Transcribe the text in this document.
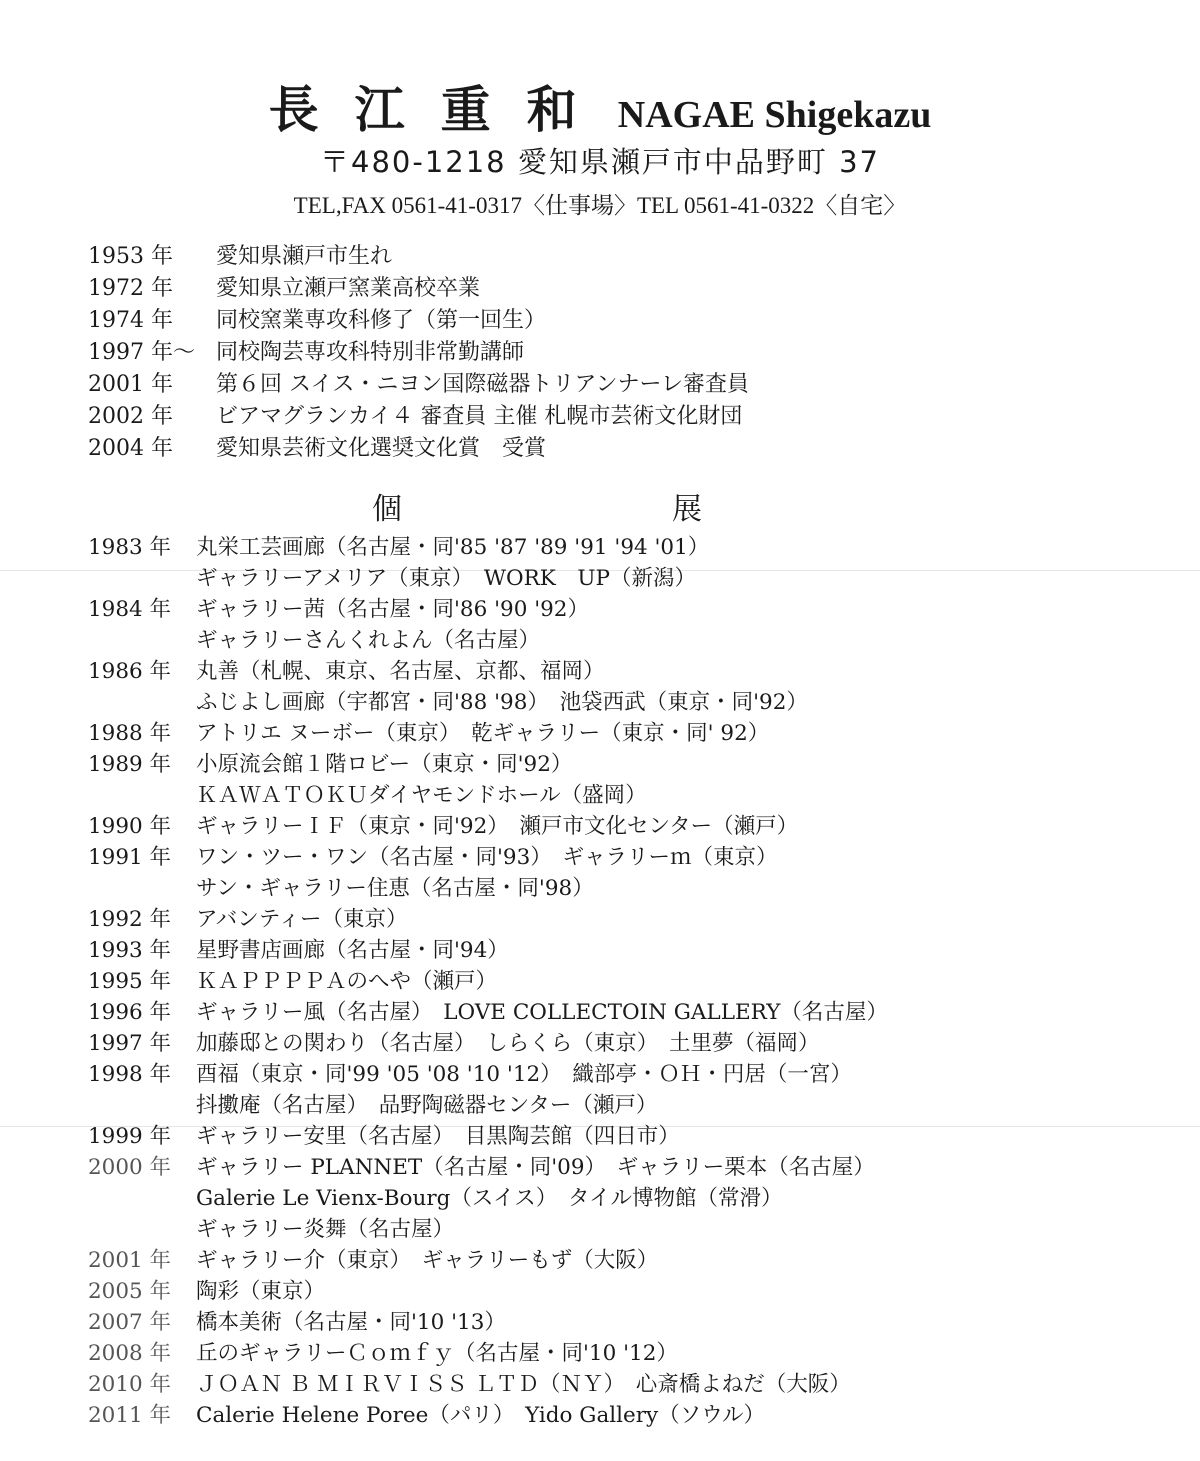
長江重和 NAGAE Shigekazu
〒480-1218 愛知県瀬戸市中品野町 37
TEL,FAX 0561-41-0317〈仕事場〉TEL 0561-41-0322〈自宅〉
1953 年	愛知県瀬戸市生れ
1972 年	愛知県立瀬戸窯業高校卒業
1974 年	同校窯業専攻科修了（第一回生）
1997 年～ 同校陶芸専攻科特別非常勤講師
2001 年	第６回 スイス・ニヨン国際磁器トリアンナーレ審査員
2002 年	ビアマグランカイ４ 審査員 主催 札幌市芸術文化財団
2004 年	愛知県芸術文化選奨文化賞　受賞
個	展
1983 年	丸栄工芸画廊（名古屋・同'85 '87 '89 '91 '94 '01）
ギャラリーアメリア（東京）　WORK　UP（新潟）
1984 年	ギャラリー茜（名古屋・同'86 '90 '92）
ギャラリーさんくれよん（名古屋）
1986 年	丸善（札幌、東京、名古屋、京都、福岡）
ふじよし画廊（宇都宮・同'88 '98）　池袋西武（東京・同'92）
1988 年	アトリエ ヌーボー（東京）　乾ギャラリー（東京・同' 92）
1989 年	小原流会館１階ロビー（東京・同'92）
ＫＡＷＡＴＯＫＵダイヤモンドホール（盛岡）
1990 年	ギャラリーＩＦ（東京・同'92）　瀬戸市文化センター（瀬戸）
1991 年	ワン・ツー・ワン（名古屋・同'93）　ギャラリーｍ（東京）
サン・ギャラリー住恵（名古屋・同'98）
1992 年	アバンティー（東京）
1993 年	星野書店画廊（名古屋・同'94）
1995 年	ＫＡＰＰＰＰＡのへや（瀬戸）
1996 年	ギャラリー風（名古屋）　LOVE COLLECTOIN GALLERY（名古屋）
1997 年	加藤邸との関わり（名古屋）　しらくら（東京）　土里夢（福岡）
1998 年	酉福（東京・同'99 '05 '08 '10 '12）　織部亭・ＯＨ・円居（一宮）
抖擻庵（名古屋）　品野陶磁器センター（瀬戸）
1999 年	ギャラリー安里（名古屋）　目黒陶芸館（四日市）
2000 年	ギャラリー PLANNET（名古屋・同'09）　ギャラリー栗本（名古屋）
Galerie Le Vienx-Bourg（スイス）　タイル博物館（常滑）
ギャラリー炎舞（名古屋）
2001 年	ギャラリー介（東京）　ギャラリーもず（大阪）
2005 年	陶彩（東京）
2007 年	橋本美術（名古屋・同'10 '13）
2008 年	丘のギャラリーＣｏｍｆｙ（名古屋・同'10 '12）
2010 年	ＪＯＡＮ Ｂ ＭＩＲＶＩＳＳ ＬＴＤ（ＮＹ）　心斎橋よねだ（大阪）
2011 年	Calerie Helene Poree（パリ）　Yido Gallery（ソウル）
